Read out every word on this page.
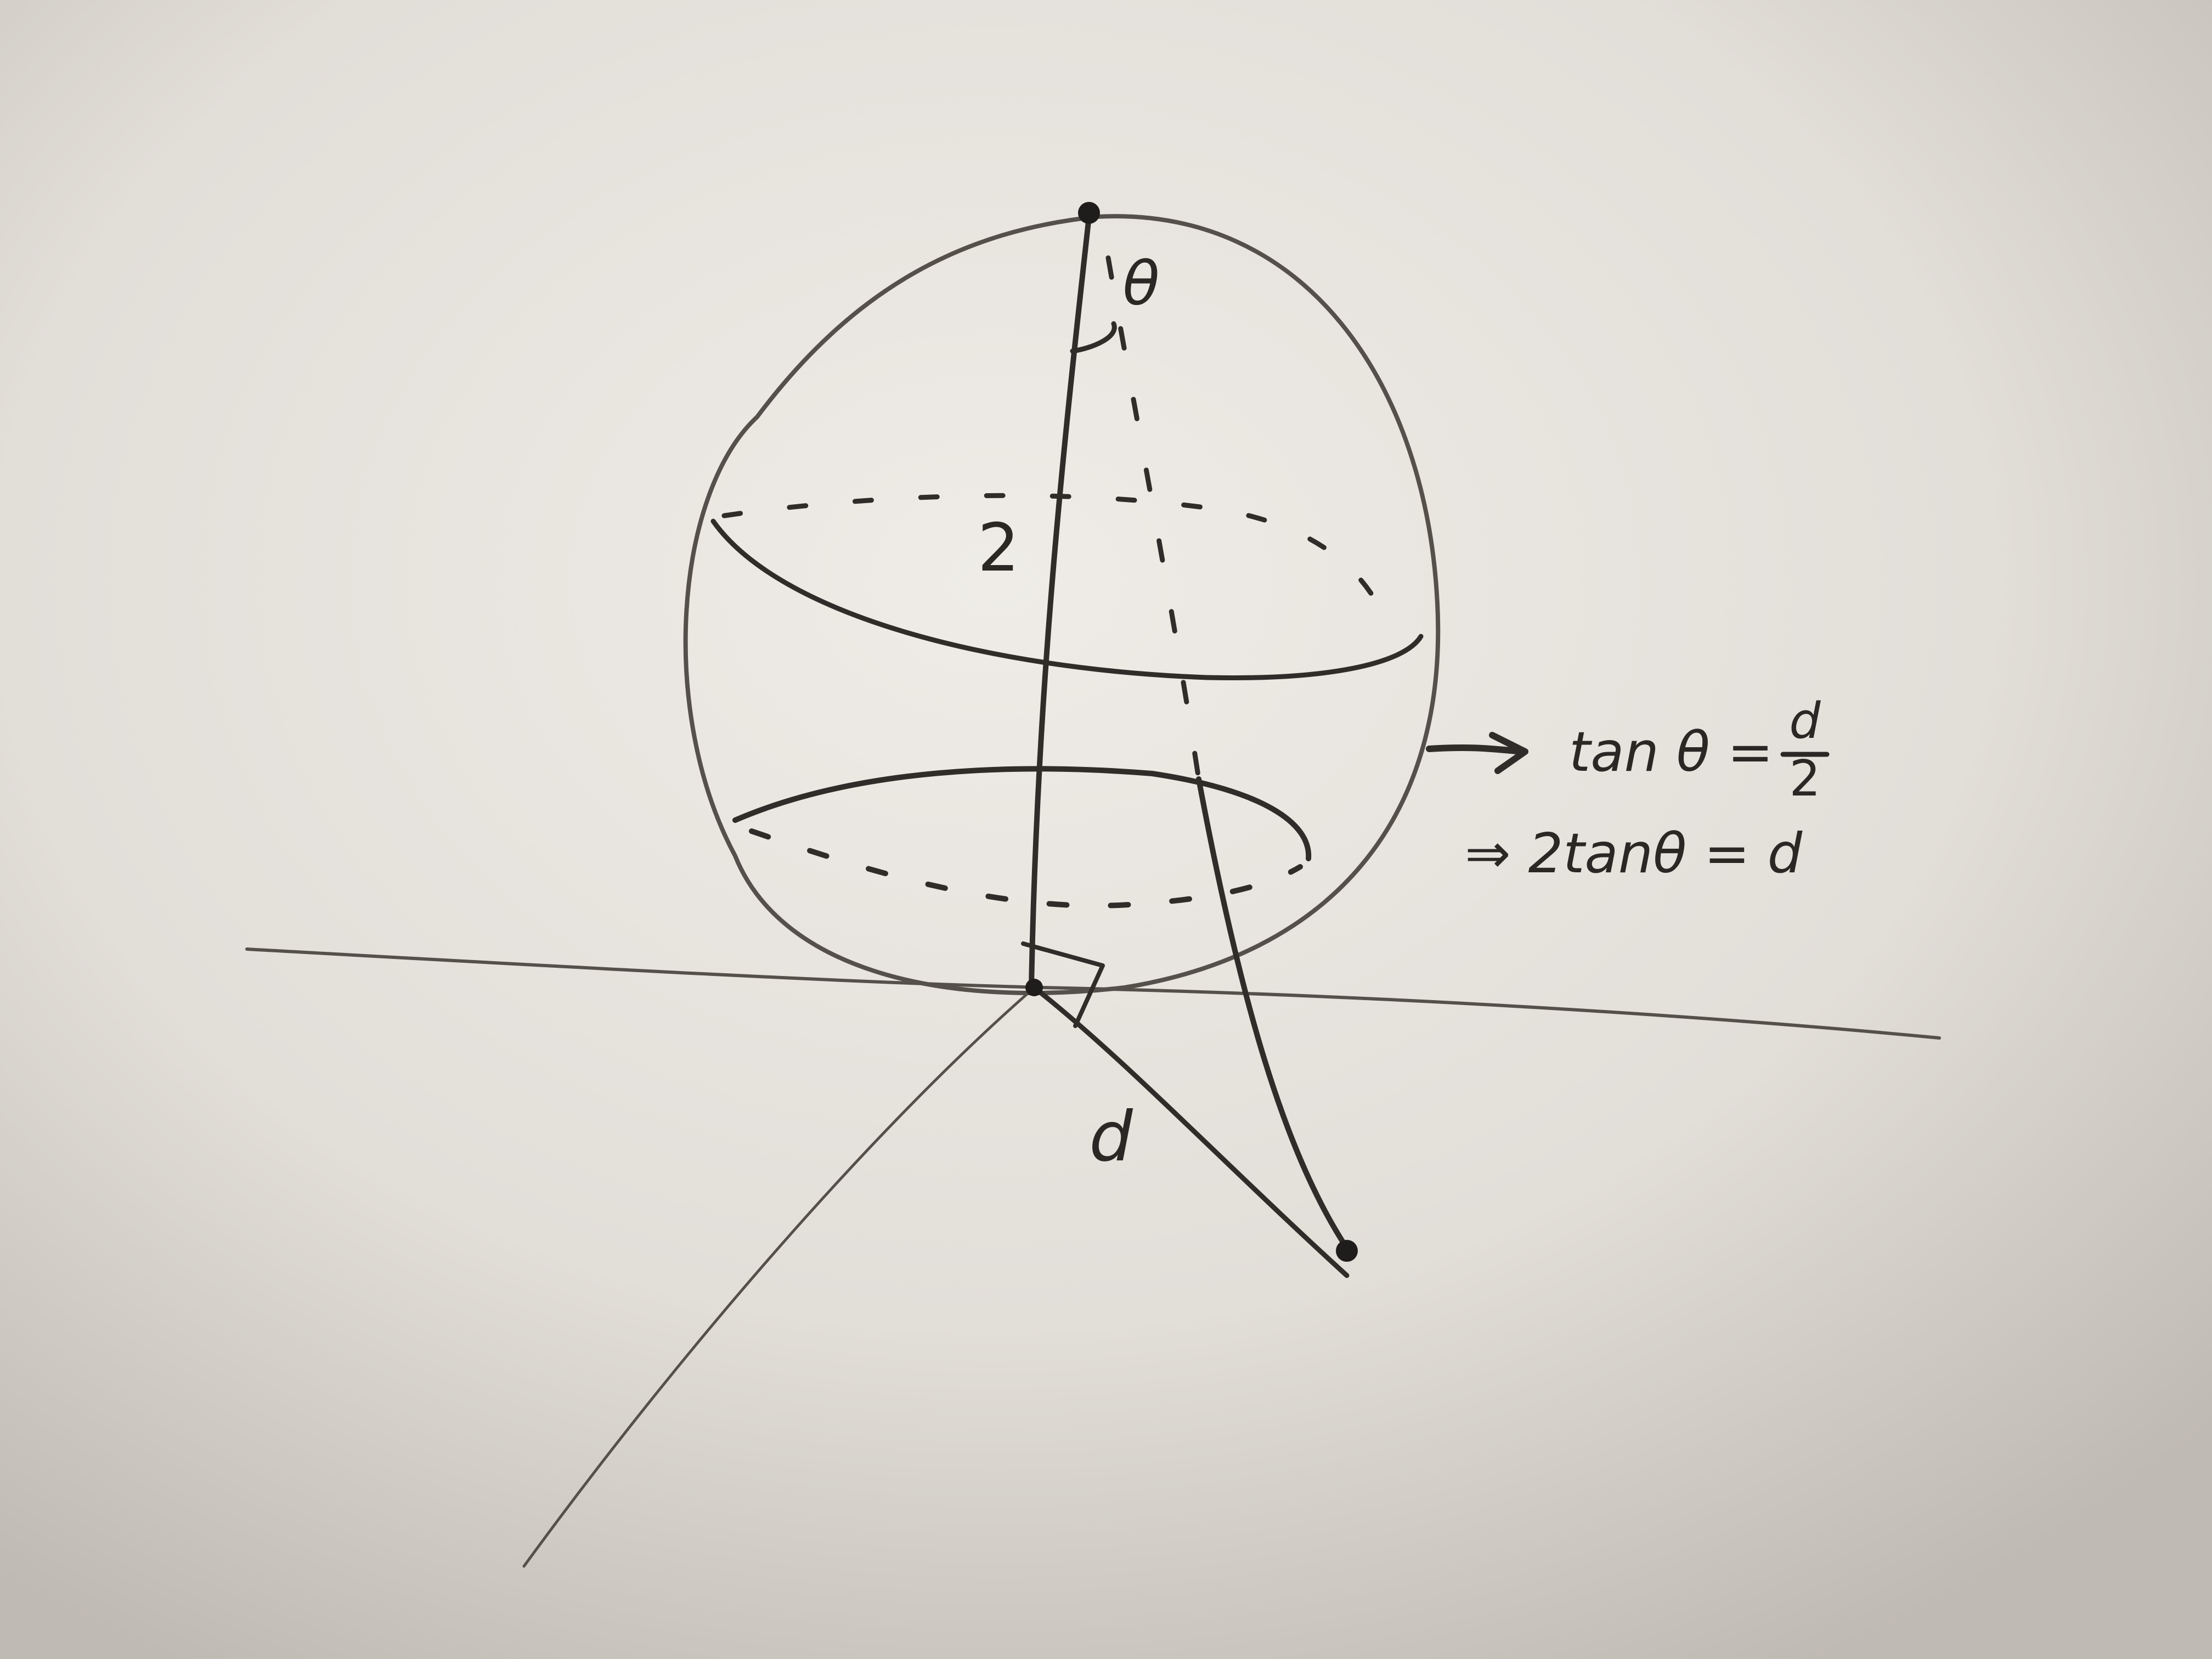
θ
2
d
tan θ = d
2
⇒ 2tanθ = d
